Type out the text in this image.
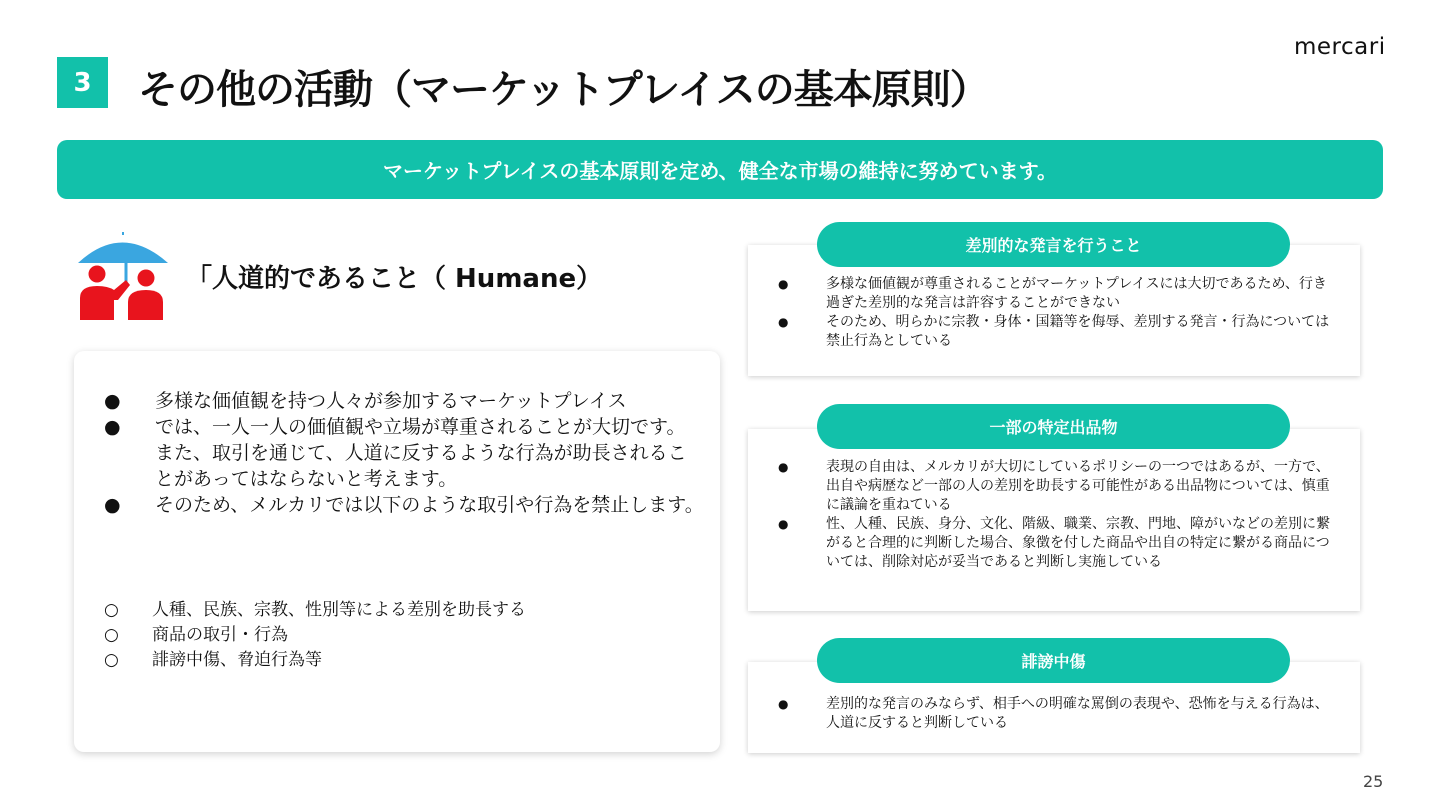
3	その他の活動（マーケットプレイスの基本原則）
mercari
マーケットプレイスの基本原則を定め、健全な市場の維持に努めています。
「人道的であること（ Humane）
● 多様な価値観を持つ人々が参加するマーケットプレイス
● では、一人一人の価値観や立場が尊重されることが大切です。また、取引を通じて、人道に反するような行為が助長されることがあってはならないと考えます。
● そのため、メルカリでは以下のような取引や行為を禁止します。
○ 人種、民族、宗教、性別等による差別を助長する
○ 商品の取引・行為
○ 誹謗中傷、脅迫行為等
●	多様な価値観が尊重されることがマーケットプレイスには大切であるため、行き過ぎた差別的な発言は許容することができない
●	そのため、明らかに宗教・身体・国籍等を侮辱、差別する発言・行為については禁止行為としている
差別的な発言を行うこと
●	表現の自由は、メルカリが大切にしているポリシーの一つではあるが、一方で、出自や病歴など一部の人の差別を助長する可能性がある出品物については、慎重に議論を重ねている
●	性、人種、民族、身分、文化、階級、職業、宗教、門地、障がいなどの差別に繋がると合理的に判断した場合、象徴を付した商品や出自の特定に繋がる商品については、削除対応が妥当であると判断し実施している
一部の特定出品物
●	差別的な発言のみならず、相手への明確な罵倒の表現や、恐怖を与える行為は、人道に反すると判断している
誹謗中傷
25
